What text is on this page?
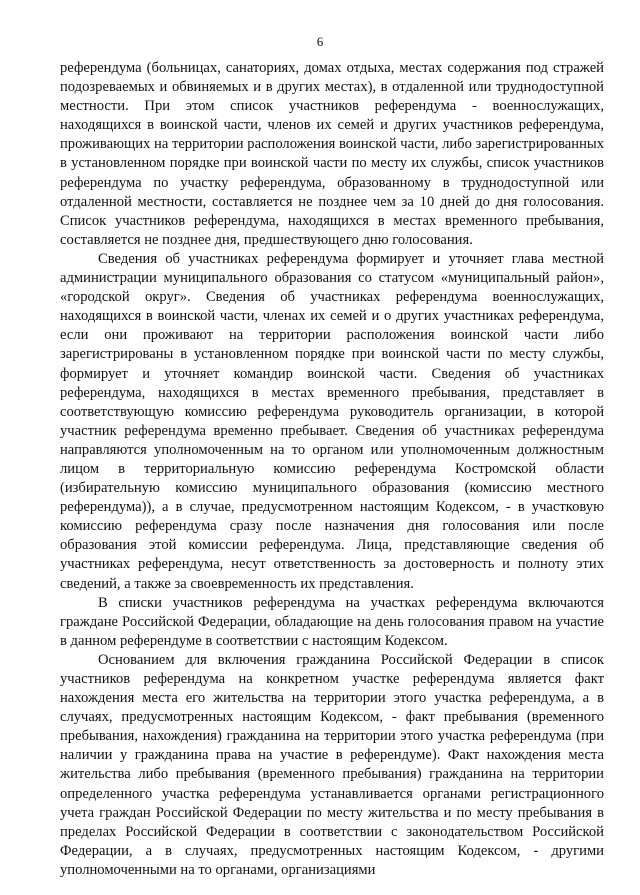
6

референдума (больницах, санаториях, домах отдыха, местах содержания под стражей подозреваемых и обвиняемых и в других местах), в отдаленной или труднодоступной местности. При этом список участников референдума - военнослужащих, находящихся в воинской части, членов их семей и других участников референдума, проживающих на территории расположения воинской части, либо зарегистрированных в установленном порядке при воинской части по месту их службы, список участников референдума по участку референдума, образованному в труднодоступной или отдаленной местности, составляется не позднее чем за 10 дней до дня голосования. Список участников референдума, находящихся в местах временного пребывания, составляется не позднее дня, предшествующего дню голосования.

Сведения об участниках референдума формирует и уточняет глава местной администрации муниципального образования со статусом «муниципальный район», «городской округ». Сведения об участниках референдума военнослужащих, находящихся в воинской части, членах их семей и о других участниках референдума, если они проживают на территории расположения воинской части либо зарегистрированы в установленном порядке при воинской части по месту службы, формирует и уточняет командир воинской части. Сведения об участниках референдума, находящихся в местах временного пребывания, представляет в соответствующую комиссию референдума руководитель организации, в которой участник референдума временно пребывает. Сведения об участниках референдума направляются уполномоченным на то органом или уполномоченным должностным лицом в территориальную комиссию референдума Костромской области (избирательную комиссию муниципального образования (комиссию местного референдума)), а в случае, предусмотренном настоящим Кодексом, - в участковую комиссию референдума сразу после назначения дня голосования или после образования этой комиссии референдума. Лица, представляющие сведения об участниках референдума, несут ответственность за достоверность и полноту этих сведений, а также за своевременность их представления.

В списки участников референдума на участках референдума включаются граждане Российской Федерации, обладающие на день голосования правом на участие в данном референдуме в соответствии с настоящим Кодексом.

Основанием для включения гражданина Российской Федерации в список участников референдума на конкретном участке референдума является факт нахождения места его жительства на территории этого участка референдума, а в случаях, предусмотренных настоящим Кодексом, - факт пребывания (временного пребывания, нахождения) гражданина на территории этого участка референдума (при наличии у гражданина права на участие в референдуме). Факт нахождения места жительства либо пребывания (временного пребывания) гражданина на территории определенного участка референдума устанавливается органами регистрационного учета граждан Российской Федерации по месту жительства и по месту пребывания в пределах Российской Федерации в соответствии с законодательством Российской Федерации, а в случаях, предусмотренных настоящим Кодексом, - другими уполномоченными на то органами, организациями
